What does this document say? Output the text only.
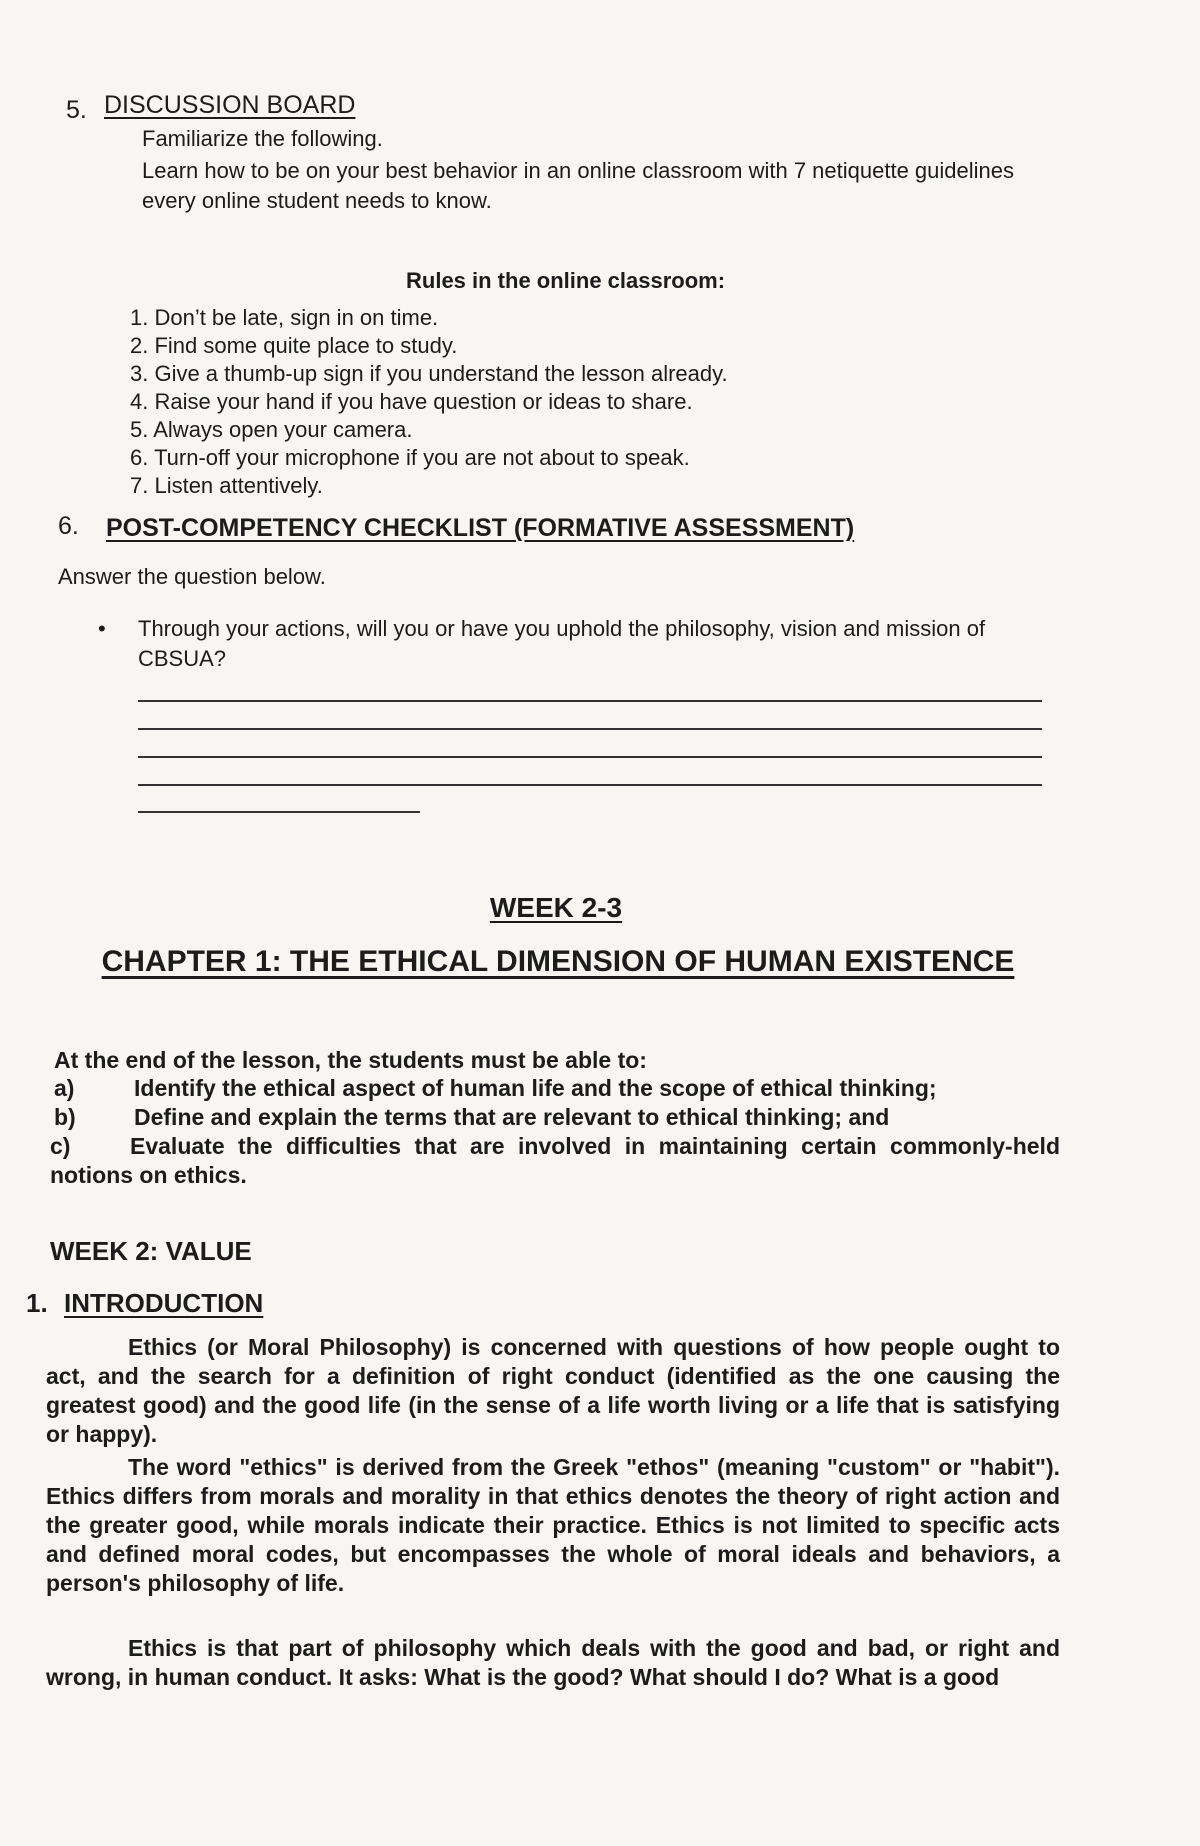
5. DISCUSSION BOARD

Familiarize the following.

Learn how to be on your best behavior in an online classroom with 7 netiquette guidelines every online student needs to know.

Rules in the online classroom:

1. Don’t be late, sign in on time.
2. Find some quite place to study.
3. Give a thumb-up sign if you understand the lesson already.
4. Raise your hand if you have question or ideas to share.
5. Always open your camera.
6. Turn-off your microphone if you are not about to speak.
7. Listen attentively.
6. POST-COMPETENCY CHECKLIST (FORMATIVE ASSESSMENT)

Answer the question below.

• Through your actions, will you or have you uphold the philosophy, vision and mission of CBSUA?

WEEK 2-3
CHAPTER 1: THE ETHICAL DIMENSION OF HUMAN EXISTENCE

At the end of the lesson, the students must be able to:

a)	Identify the ethical aspect of human life and the scope of ethical thinking;
b)	Define and explain the terms that are relevant to ethical thinking; and
c)	Evaluate the difficulties that are involved in maintaining certain commonly-held notions on ethics.

WEEK 2: VALUE

1. INTRODUCTION

Ethics (or Moral Philosophy) is concerned with questions of how people ought to act, and the search for a definition of right conduct (identified as the one causing the greatest good) and the good life (in the sense of a life worth living or a life that is satisfying or happy).

The word "ethics" is derived from the Greek "ethos" (meaning "custom" or "habit"). Ethics differs from morals and morality in that ethics denotes the theory of right action and the greater good, while morals indicate their practice. Ethics is not limited to specific acts and defined moral codes, but encompasses the whole of moral ideals and behaviors, a person's philosophy of life.

Ethics is that part of philosophy which deals with the good and bad, or right and wrong, in human conduct. It asks: What is the good? What should I do? What is a good
